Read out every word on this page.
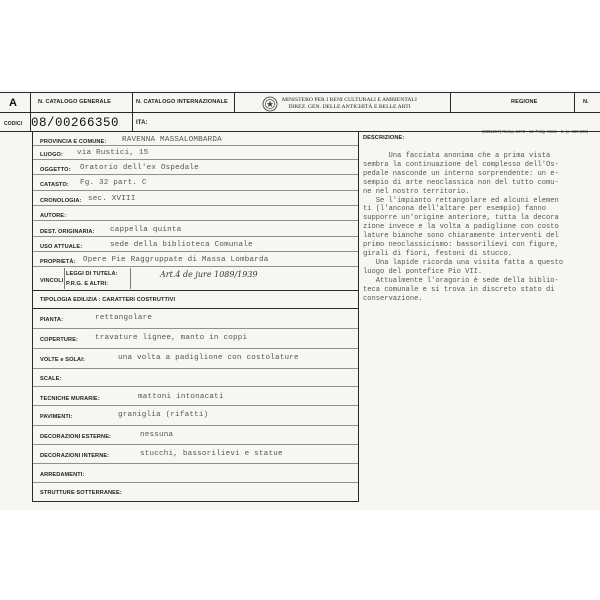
A
CODICI
N. CATALOGO GENERALE
08/00266350
N. CATALOGO INTERNAZIONALE
ITA:
MINISTERO PER I BENI CULTURALI E AMBIENTALI
DIREZ. GEN. DELLE ANTICHITÀ E BELLE ARTI
REGIONE	N.
PROVINCIA E COMUNE: RAVENNA MASSALOMBARDA
LUOGO: via Rustici, 15
OGGETTO: Oratorio dell'ex Ospedale
CATASTO: Fg. 32 part. C
CRONOLOGIA: sec. XVIII
AUTORE:
DEST. ORIGINARIA: cappella quinta
USO ATTUALE:	sede della biblioteca Comunale
PROPRIETÀ: Opere Pie Raggruppate di Massa Lombarda
VINCOLI
LEGGI DI TUTELA:
P.R.G. E ALTRI:
Art.4 de jure 1089/1939
TIPOLOGIA EDILIZIA : CARATTERI COSTRUTTIVI
PIANTA:	rettangolare
COPERTURE: travature lignee, manto in coppi
VOLTE e SOLAI:	una volta a padiglione con costolature
SCALE:
TECNICHE MURARIE:	mattoni intonacati
PAVIMENTI:	graniglia (rifatti)
DECORAZIONI ESTERNE:	nessuna
DECORAZIONI INTERNE:	stucchi, bassorilievi e statue
ARREDAMENTI:
STRUTTURE SOTTERRANEE:
DESCRIZIONE:
Una facciata anonima che a prima vista
sembra la continuazione del complesso dell'Os-
pedale nasconde un interno sorprendente: un e-
sempio di arte neoclassica non del tutto comu-
ne nel nostro territorio.
Se l'impianto rettangolare ed alcuni elemen
ti (l'ancona dell'altare per esempio) fanno
supporre un'origine anteriore, tutta la decora
zione invece e la volta a padiglione con costo
lature bianche sono chiaramente interventi del
primo neoclassicismo: bassorilievi con figure,
girali di fiori, festoni di stucco.
Una lapide ricorda una visita fatta a questo
luogo del pontefice Pio VII.
Attualmente l'oragorio è sede della biblio-
teca comunale e si trova in discreto stato di
conservazione.
